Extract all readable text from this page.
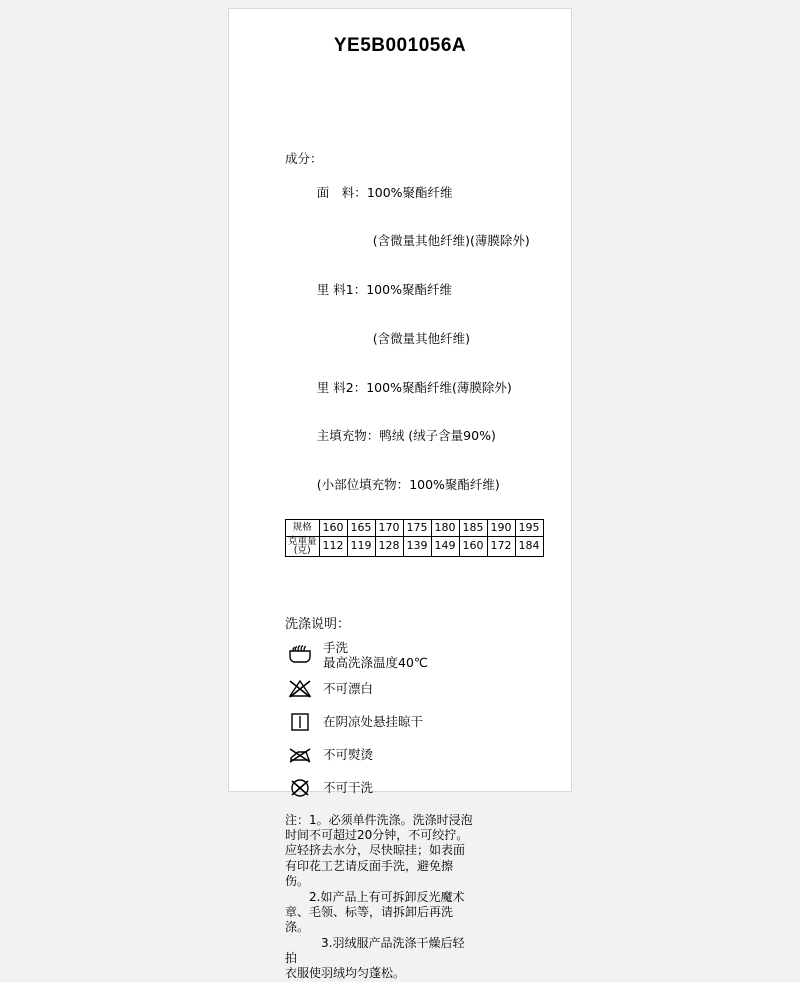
YE5B001056A
成分：

面　料：100%聚酯纤维

(含微量其他纤维)(薄膜除外)

里 料1：100%聚酯纤维

(含微量其他纤维)

里 料2：100%聚酯纤维(薄膜除外)

主填充物：鸭绒 (绒子含量90%)

(小部位填充物：100%聚酯纤维)

规格	160	165	170	175	180	185	190	195

克重量
(克)	112	119	128	139	149	160	172	184
洗涤说明：
手洗
最高洗涤温度40℃
不可漂白
在阴凉处悬挂晾干
不可熨烫
不可干洗

注：1。必须单件洗涤。洗涤时浸泡

时间不可超过20分钟，不可绞拧。

应轻挤去水分，尽快晾挂；如表面

有印花工艺请反面手洗，避免擦伤。

　　2.如产品上有可拆卸反光魔术

章、毛领、标等，请拆卸后再洗涤。

　　　3.羽绒服产品洗涤干燥后轻拍

衣服使羽绒均匀蓬松。
